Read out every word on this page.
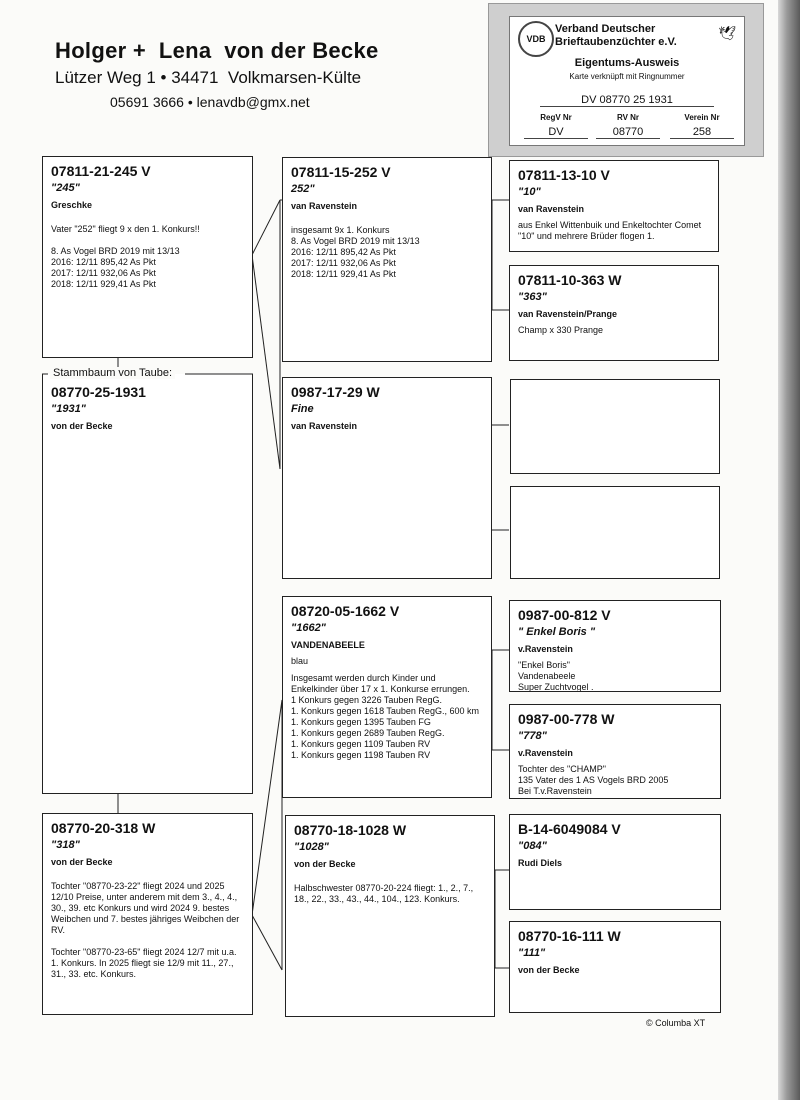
Holger +  Lena  von der Becke
Lützer Weg 1 • 34471  Volkmarsen-Külte
05691 3666 • lenavdb@gmx.net
VDB
Verband Deutscher
Brieftaubenzüchter e.V.
🕊
Eigentums-Ausweis
Karte verknüpft mit Ringnummer
DV 08770 25 1931
RegV Nr
DV
RV Nr
08770
Verein Nr
258
07811-21-245 V
"245"
Greschke
Vater "252" fliegt 9 x den 1. Konkurs!!

8. As Vogel BRD 2019 mit 13/13
2016: 12/11 895,42 As Pkt
2017: 12/11 932,06 As Pkt
2018: 12/11 929,41 As Pkt
08770-25-1931
"1931"
von der Becke
Stammbaum von Taube:
08770-20-318 W
"318"
von der Becke
Tochter "08770-23-22" fliegt 2024 und 2025 12/10 Preise, unter anderem mit dem 3., 4., 4., 30., 39. etc Konkurs und wird 2024 9. bestes Weibchen und 7. bestes jähriges Weibchen der RV.

Tochter "08770-23-65" fliegt 2024 12/7 mit u.a. 1. Konkurs. In 2025 fliegt sie 12/9 mit 11., 27., 31., 33. etc. Konkurs.
07811-15-252 V
252"
van Ravenstein
insgesamt 9x 1. Konkurs
8. As Vogel BRD 2019 mit 13/13
2016: 12/11 895,42 As Pkt
2017: 12/11 932,06 As Pkt
2018: 12/11 929,41 As Pkt
0987-17-29 W
Fine
van Ravenstein
08720-05-1662 V
"1662"
VANDENABEELE
blau
Insgesamt werden durch Kinder und Enkelkinder über 17 x 1. Konkurse errungen.
1 Konkurs gegen 3226 Tauben RegG.
1. Konkurs gegen 1618 Tauben RegG., 600 km
1. Konkurs gegen 1395 Tauben FG
1. Konkurs gegen 2689 Tauben RegG.
1. Konkurs gegen 1109 Tauben RV
1. Konkurs gegen 1198 Tauben RV
08770-18-1028 W
"1028"
von der Becke
Halbschwester 08770-20-224 fliegt: 1., 2., 7., 18., 22., 33., 43., 44., 104., 123. Konkurs.
07811-13-10 V
"10"
van Ravenstein
aus Enkel Wittenbuik und Enkeltochter Comet
"10" und mehrere Brüder flogen 1.
07811-10-363 W
"363"
van Ravenstein/Prange
Champ x 330 Prange
0987-00-812 V
" Enkel Boris "
v.Ravenstein
"Enkel Boris"
Vandenabeele
Super Zuchtvogel .
0987-00-778 W
"778"
v.Ravenstein
Tochter des "CHAMP"
135 Vater des 1 AS Vogels BRD 2005
Bei T.v.Ravenstein
B-14-6049084 V
"084"
Rudi Diels
08770-16-111 W
"111"
von der Becke
© Columba XT
